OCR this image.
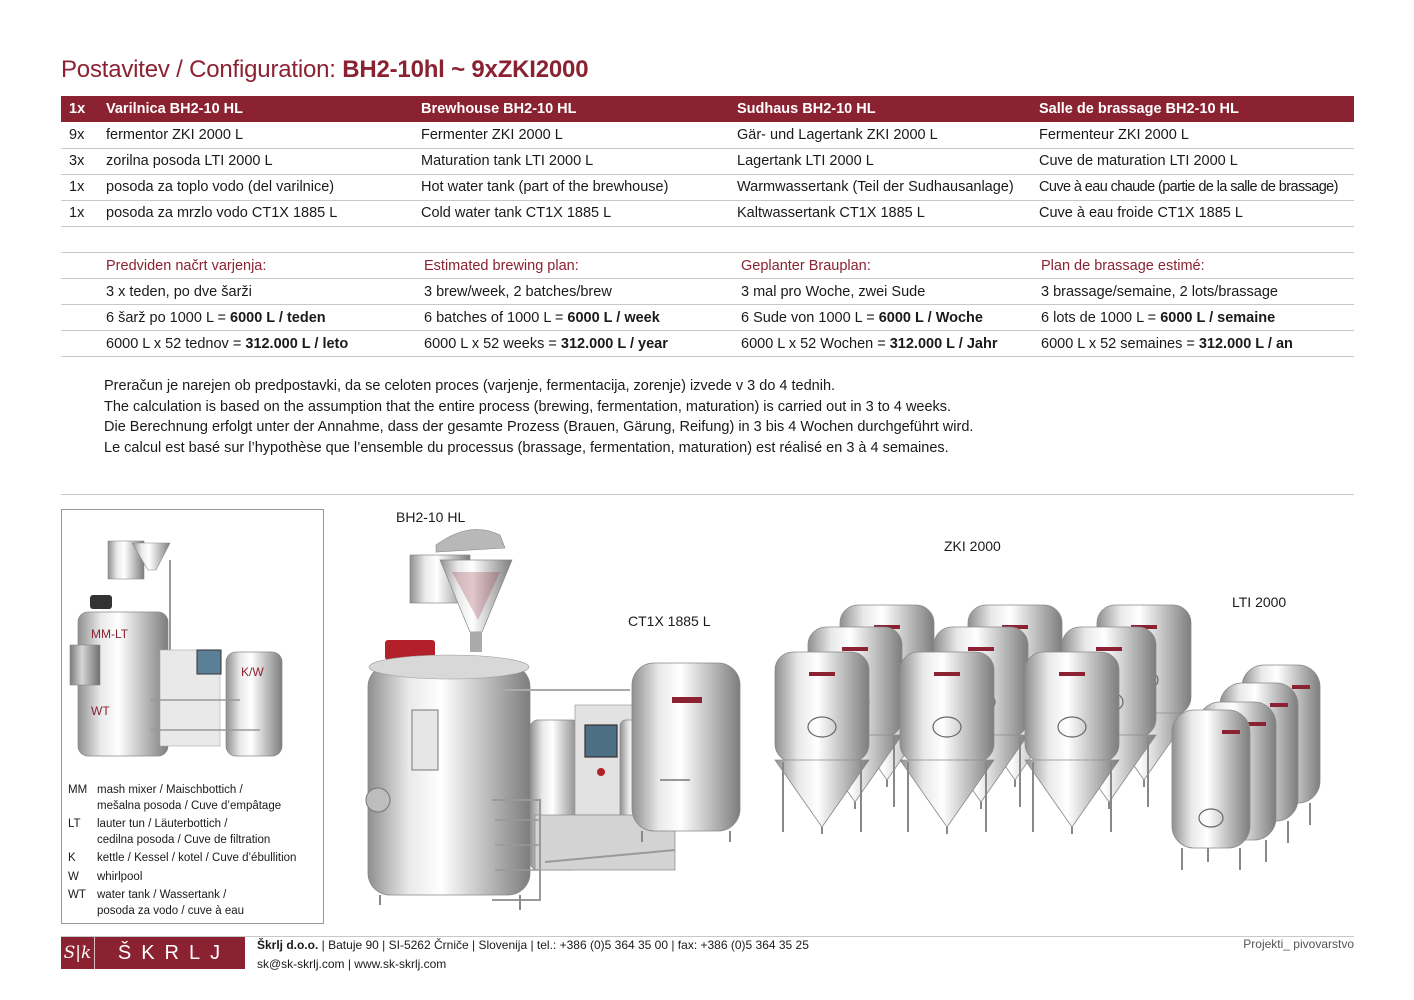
Postavitev / Configuration: BH2-10hl ~ 9xZKI2000
1x	Varilnica BH2-10 HL	Brewhouse BH2-10 HL	Sudhaus BH2-10 HL	Salle de brassage BH2-10 HL
9x	fermentor ZKI 2000 L	Fermenter ZKI 2000 L	Gär- und Lagertank ZKI 2000 L	Fermenteur ZKI 2000 L
3x	zorilna posoda LTI 2000 L	Maturation tank LTI 2000 L	Lagertank LTI 2000 L	Cuve de maturation LTI 2000 L
1x	posoda za toplo vodo (del varilnice)	Hot water tank (part of the brewhouse)	Warmwassertank (Teil der Sudhausanlage)	Cuve à eau chaude (partie de la salle de brassage)
1x	posoda za mrzlo vodo CT1X 1885 L	Cold water tank CT1X 1885 L	Kaltwassertank CT1X 1885 L	Cuve à eau froide CT1X 1885 L
	Predviden načrt varjenja:	Estimated brewing plan:	Geplanter Brauplan:	Plan de brassage estimé:
	3 x teden, po dve šarži	3 brew/week, 2 batches/brew	3 mal pro Woche, zwei Sude	3 brassage/semaine, 2 lots/brassage
	6 šarž po 1000 L = 6000 L / teden	6 batches of 1000 L = 6000 L / week	6 Sude von 1000 L = 6000 L / Woche	6 lots de 1000 L = 6000 L / semaine
	6000 L x 52 tednov = 312.000 L / leto	6000 L x 52 weeks = 312.000 L / year	6000 L x 52 Wochen = 312.000 L / Jahr	6000 L x 52 semaines = 312.000 L / an
Preračun je narejen ob predpostavki, da se celoten proces (varjenje, fermentacija, zorenje) izvede v 3 do 4 tednih.
The calculation is based on the assumption that the entire process (brewing, fermentation, maturation) is carried out in 3 to 4 weeks.
Die Berechnung erfolgt unter der Annahme, dass der gesamte Prozess (Brauen, Gärung, Reifung) in 3 bis 4 Wochen durchgeführt wird.
Le calcul est basé sur l’hypothèse que l’ensemble du processus (brassage, fermentation, maturation) est réalisé en 3 à 4 semaines.
MM-LT
K/W
WT
BH2-10 HL
CT1X 1885 L
ZKI 2000
LTI 2000
MM mash mixer / Maischbottich /
mešalna posoda / Cuve d’empâtage
LT	lauter tun / Läuterbottich /
cedilna posoda / Cuve de filtration
K	kettle / Kessel / kotel / Cuve d’ébullition
W	whirlpool
WT water tank / Wassertank /
posoda za vodo / cuve à eau
S|k	ŠKRLJ	Škrlj d.o.o. | Batuje 90 | SI-5262 Črniče | Slovenija | tel.: +386 (0)5 364 35 00 | fax: +386 (0)5 364 35 25
sk@sk-skrlj.com | www.sk-skrlj.com
Projekti_ pivovarstvo
